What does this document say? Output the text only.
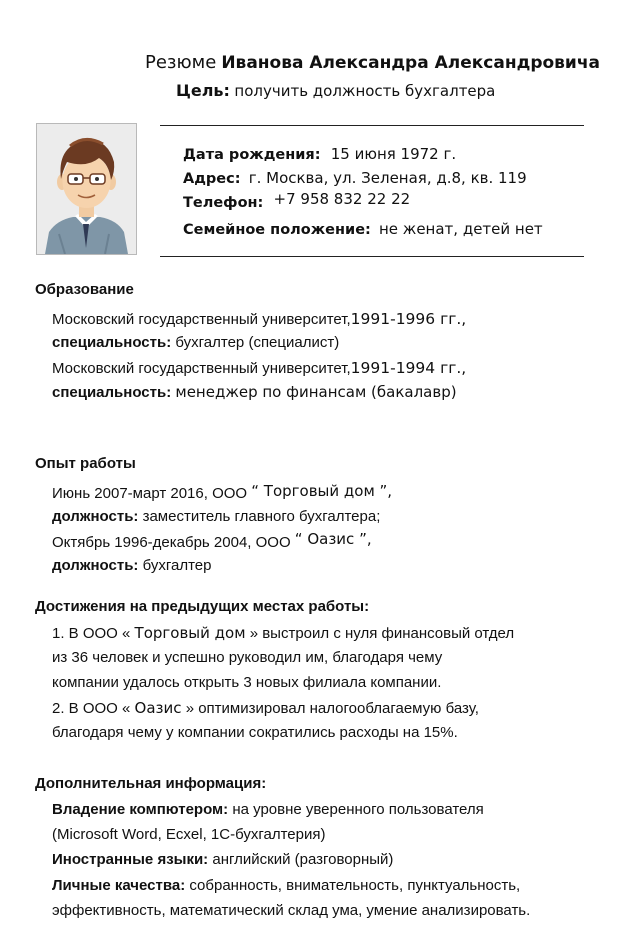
Резюме Иванова Александра Александровича
Цель: получить должность бухгалтера
Дата рождения: 15 июня 1972 г.
Адрес: г. Москва, ул. Зеленая, д.8, кв. 119
Телефон: +7 958 832 22 22
Семейное положение: не женат, детей нет
Образование
Московский государственный университет,1991-1996 гг.,
специальность: бухгалтер (специалист)
Московский государственный университет,1991-1994 гг.,
специальность: менеджер по финансам (бакалавр)
Опыт работы
Июнь 2007-март 2016, ООО “ Торговый дом ”,
должность: заместитель главного бухгалтера;
Октябрь 1996-декабрь 2004, ООО “ Оазис ”,
должность: бухгалтер
Достижения на предыдущих местах работы:
1. В ООО « Торговый дом » выстроил с нуля финансовый отдел
из 36 человек и успешно руководил им, благодаря чему
компании удалось открыть 3 новых филиала компании.
2. В ООО « Оазис » оптимизировал налогооблагаемую базу,
благодаря чему у компании сократились расходы на 15%.
Дополнительная информация:
Владение компютером: на уровне уверенного пользователя
(Microsoft Word, Ecxel, 1C-бухгалтерия)
Иностранные языки: английский (разговорный)
Личные качества: собранность, внимательность, пунктуальность,
эффективность, математический склад ума, умение анализировать.
